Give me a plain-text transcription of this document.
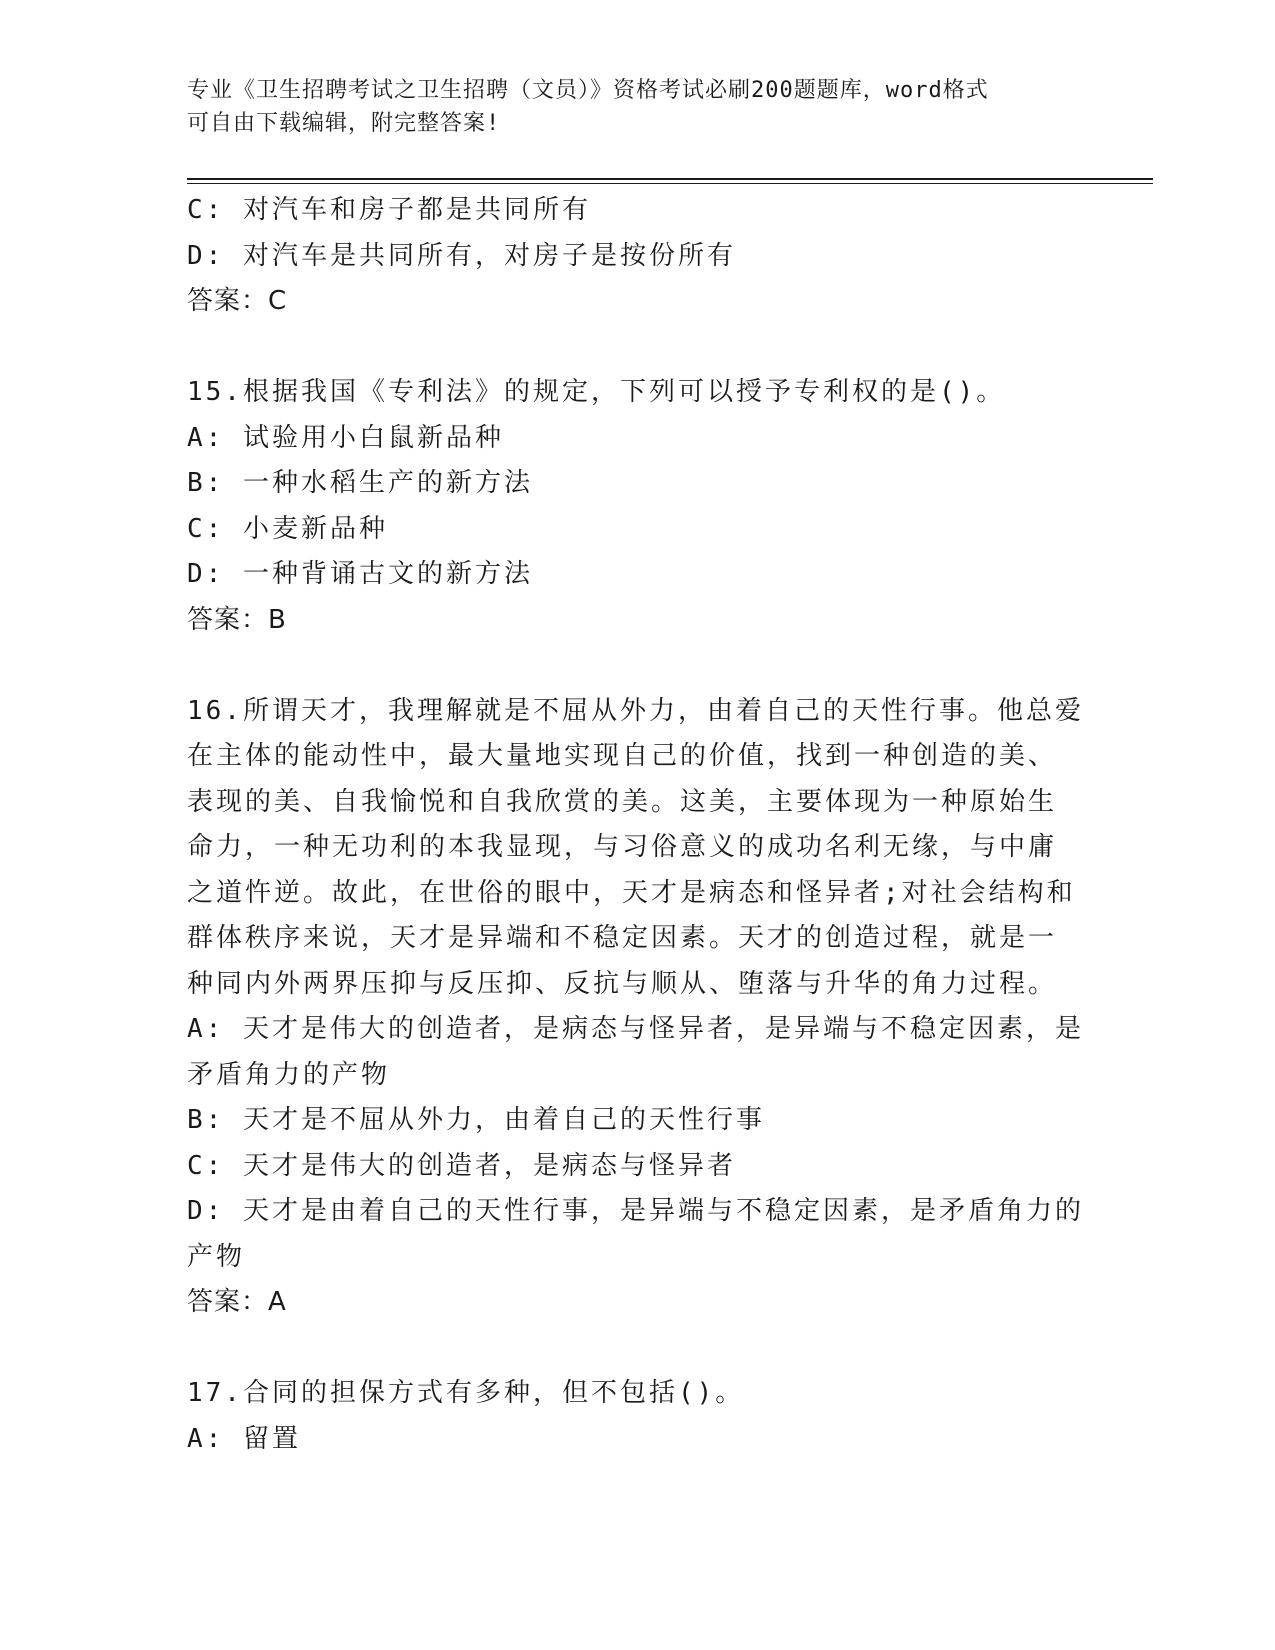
专业《卫生招聘考试之卫生招聘（文员）》资格考试必刷200题题库，word格式
可自由下载编辑，附完整答案!
C: 对汽车和房子都是共同所有
D: 对汽车是共同所有，对房子是按份所有
答案：C
15.根据我国《专利法》的规定，下列可以授予专利权的是()。
A: 试验用小白鼠新品种
B: 一种水稻生产的新方法
C: 小麦新品种
D: 一种背诵古文的新方法
答案：B
16.所谓天才，我理解就是不屈从外力，由着自己的天性行事。他总爱
在主体的能动性中，最大量地实现自己的价值，找到一种创造的美、
表现的美、自我愉悦和自我欣赏的美。这美，主要体现为一种原始生
命力，一种无功利的本我显现，与习俗意义的成功名利无缘，与中庸
之道忤逆。故此，在世俗的眼中，天才是病态和怪异者;对社会结构和
群体秩序来说，天才是异端和不稳定因素。天才的创造过程，就是一
种同内外两界压抑与反压抑、反抗与顺从、堕落与升华的角力过程。
A: 天才是伟大的创造者，是病态与怪异者，是异端与不稳定因素，是
矛盾角力的产物
B: 天才是不屈从外力，由着自己的天性行事
C: 天才是伟大的创造者，是病态与怪异者
D: 天才是由着自己的天性行事，是异端与不稳定因素，是矛盾角力的
产物
答案：A
17.合同的担保方式有多种，但不包括()。
A: 留置
